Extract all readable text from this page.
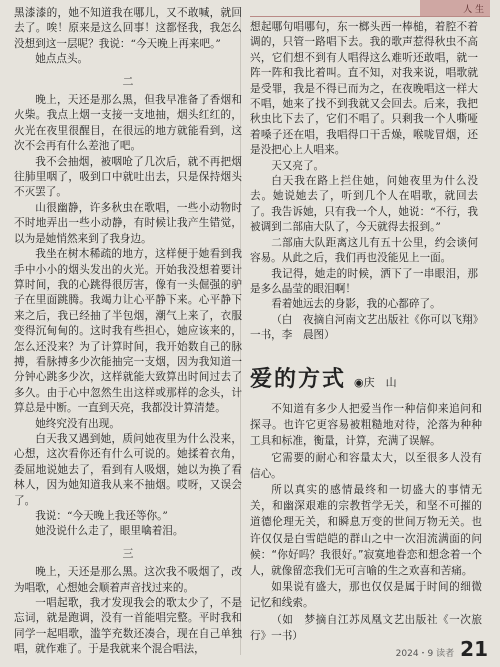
人 生

黑漆漆的，她不知道我在哪儿，又不敢喊，就回去了。唉！原来是这么回事！这都怪我，我怎么没想到这一层呢？我说：“今天晚上再来吧。”

她点点头。

二

晚上，天还是那么黑，但我早准备了香烟和火柴。我点上烟一支接一支地抽，烟头红红的，火光在夜里很醒目，在很远的地方就能看到，这次不会再有什么差池了吧。

我不会抽烟，被咽呛了几次后，就不再把烟往肺里咽了，吸到口中就吐出去，只是保持烟头不灭罢了。

山很幽静，许多秋虫在歌唱，一些小动物时不时地弄出一些小动静，有时候让我产生错觉，以为是她悄然来到了我身边。

我坐在树木稀疏的地方，这样便于她看到我手中小小的烟头发出的火光。开始我没想着要计算时间，我的心跳得很厉害，像有一头倔强的驴子在里面跳腾。我竭力让心平静下来。心平静下来之后，我已经抽了半包烟，潮气上来了，衣服变得沉甸甸的。这时我有些担心，她应该来的，怎么还没来？为了计算时间，我开始数自己的脉搏，看脉搏多少次能抽完一支烟，因为我知道一分钟心跳多少次，这样就能大致算出时间过去了多久。由于心中忽然生出这样或那样的念头，计算总是中断。一直到天亮，我都没计算清楚。

她终究没有出现。

白天我又遇到她，质问她夜里为什么没来，心想，这次看你还有什么可说的。她揉着衣角，委屈地说她去了，看到有人吸烟，她以为换了看林人，因为她知道我从来不抽烟。哎呀，又误会了。

我说：“今天晚上我还等你。”

她没说什么走了，眼里噙着泪。

三

晚上，天还是那么黑。这次我不吸烟了，改为唱歌，心想她会顺着声音找过来的。

一唱起歌，我才发现我会的歌太少了，不是忘词，就是跑调，没有一首能唱完整。平时我和同学一起唱歌，滥竽充数还凑合，现在自己单独唱，就作难了。于是我就来个混合唱法，

想起哪句唱哪句，东一榔头西一棒槌，着腔不着调的，只管一路唱下去。我的歌声惹得秋虫不高兴，它们想不到有人唱得这么难听还敢唱，就一阵一阵和我比着叫。直不知，对我来说，唱歌就是受罪，我是不得已而为之，在夜晚唱这一样大不唱，她来了找不到我就又会回去。后来，我把秋虫比下去了，它们不唱了。只剩我一个人嘶哑着嗓子还在唱，我唱得口干舌燥，喉咙冒烟，还是没把心上人唱来。

天又亮了。

白天我在路上拦住她，问她夜里为什么没去。她说她去了，听到几个人在唱歌，就回去了。我告诉她，只有我一个人，她说：“不行，我被调到二部庙大队了，今天就得去报到。”

二部庙大队距离这儿有五十公里，约会谈何容易。从此之后，我们再也没能见上一面。

我记得，她走的时候，洒下了一串眼泪，那是多么晶莹的眼泪啊！

看着她远去的身影，我的心都碎了。

（白　夜摘自河南文艺出版社《你可以飞翔》一书，李　晨图）

爱的方式 ◉庆　山

不知道有多少人把爱当作一种信仰来追问和探寻。也许它更容易被粗糙地对待，沦落为种种工具和标准，衡量，计算，充满了误解。

它需要的耐心和容量太大，以至很多人没有信心。

所以真实的感情最终和一切盛大的事情无关，和幽深艰难的宗教哲学无关，和坚不可摧的道德伦理无关，和瞬息万变的世间万物无关。也许仅仅是白雪皑皑的群山之中一次泪流满面的问候：“你好吗？我很好。”寂寞地眷恋和想念着一个人，就像留恋我们无可言喻的生之欢喜和苦痛。

如果说有盛大，那也仅仅是属于时间的细微记忆和线索。

（如　梦摘自江苏凤凰文艺出版社《一次旅行》一书）

2024・9 读者 21
